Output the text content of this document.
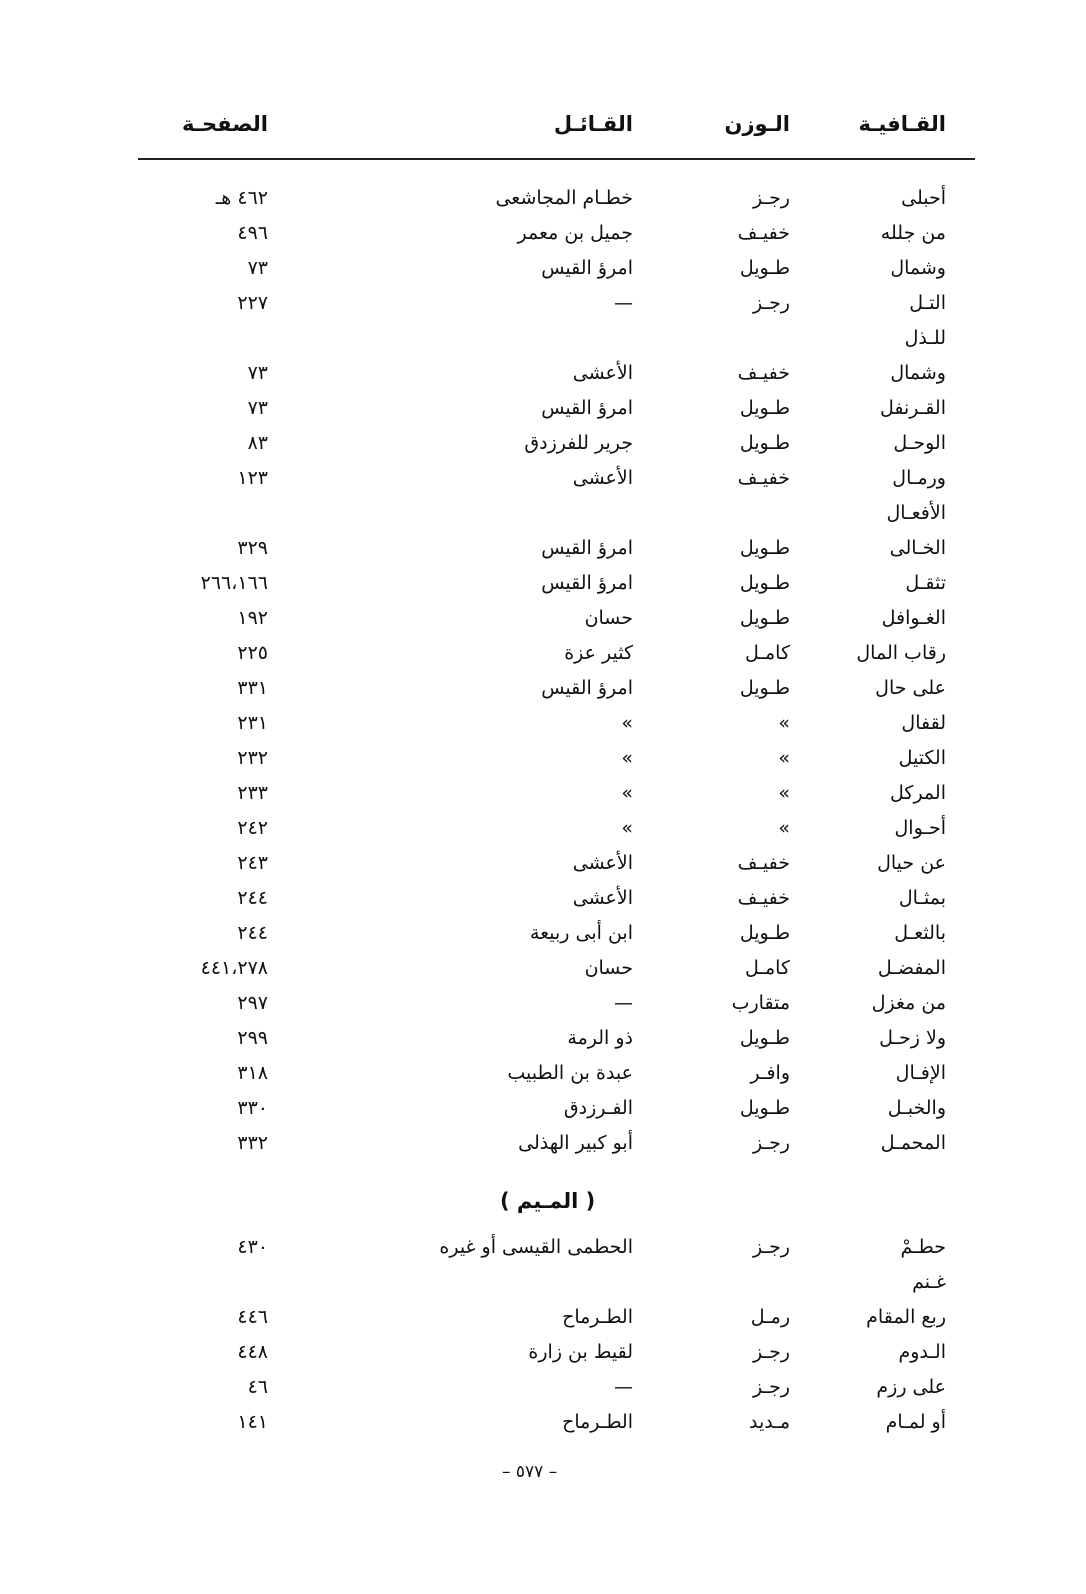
القـافيـة
الـوزن
القـائـل
الصفحـة
أحبلى
رجـز
خطـام المجاشعى
٤٦٢ هـ
من جلله
خفيـف
جميل بن معمر
٤٩٦
وشمال
طـويل
امرؤ القيس
٧٣
التـل
رجـز
—
٢٢٧
للـذل
وشمال
خفيـف
الأعشى
٧٣
القـرنفل
طـويل
امرؤ القيس
٧٣
الوحـل
طـويل
جرير للفرزدق
٨٣
ورمـال
خفيـف
الأعشى
١٢٣
الأفعـال
الخـالى
طـويل
امرؤ القيس
٣٢٩
تثقـل
طـويل
امرؤ القيس
٢٦٦،١٦٦
الغـوافل
طـويل
حسان
١٩٢
رقاب المال
كامـل
كثير عزة
٢٢٥
على حال
طـويل
امرؤ القيس
٣٣١
لقفال
»
»
٢٣١
الكتيل
»
»
٢٣٢
المركل
»
»
٢٣٣
أحـوال
»
»
٢٤٢
عن حيال
خفيـف
الأعشى
٢٤٣
بمثـال
خفيـف
الأعشى
٢٤٤
بالثعـل
طـويل
ابن أبى ربيعة
٢٤٤
المفضـل
كامـل
حسان
٤٤١،٢٧٨
من مغزل
متقارب
—
٢٩٧
ولا زحـل
طـويل
ذو الرمة
٢٩٩
الإفـال
وافـر
عبدة بن الطبيب
٣١٨
والخبـل
طـويل
الفـرزدق
٣٣٠
المحمـل
رجـز
أبو كبير الهذلى
٣٣٢
( المـيم )
حطـمْ
رجـز
الحطمى القيسى أو غيره
٤٣٠
غـنم
ربع المقام
رمـل
الطـرماح
٤٤٦
الـدوم
رجـز
لقيط بن زارة
٤٤٨
على رزم
رجـز
—
٤٦
أو لمـام
مـديد
الطـرماح
١٤١
– ٥٧٧ –
